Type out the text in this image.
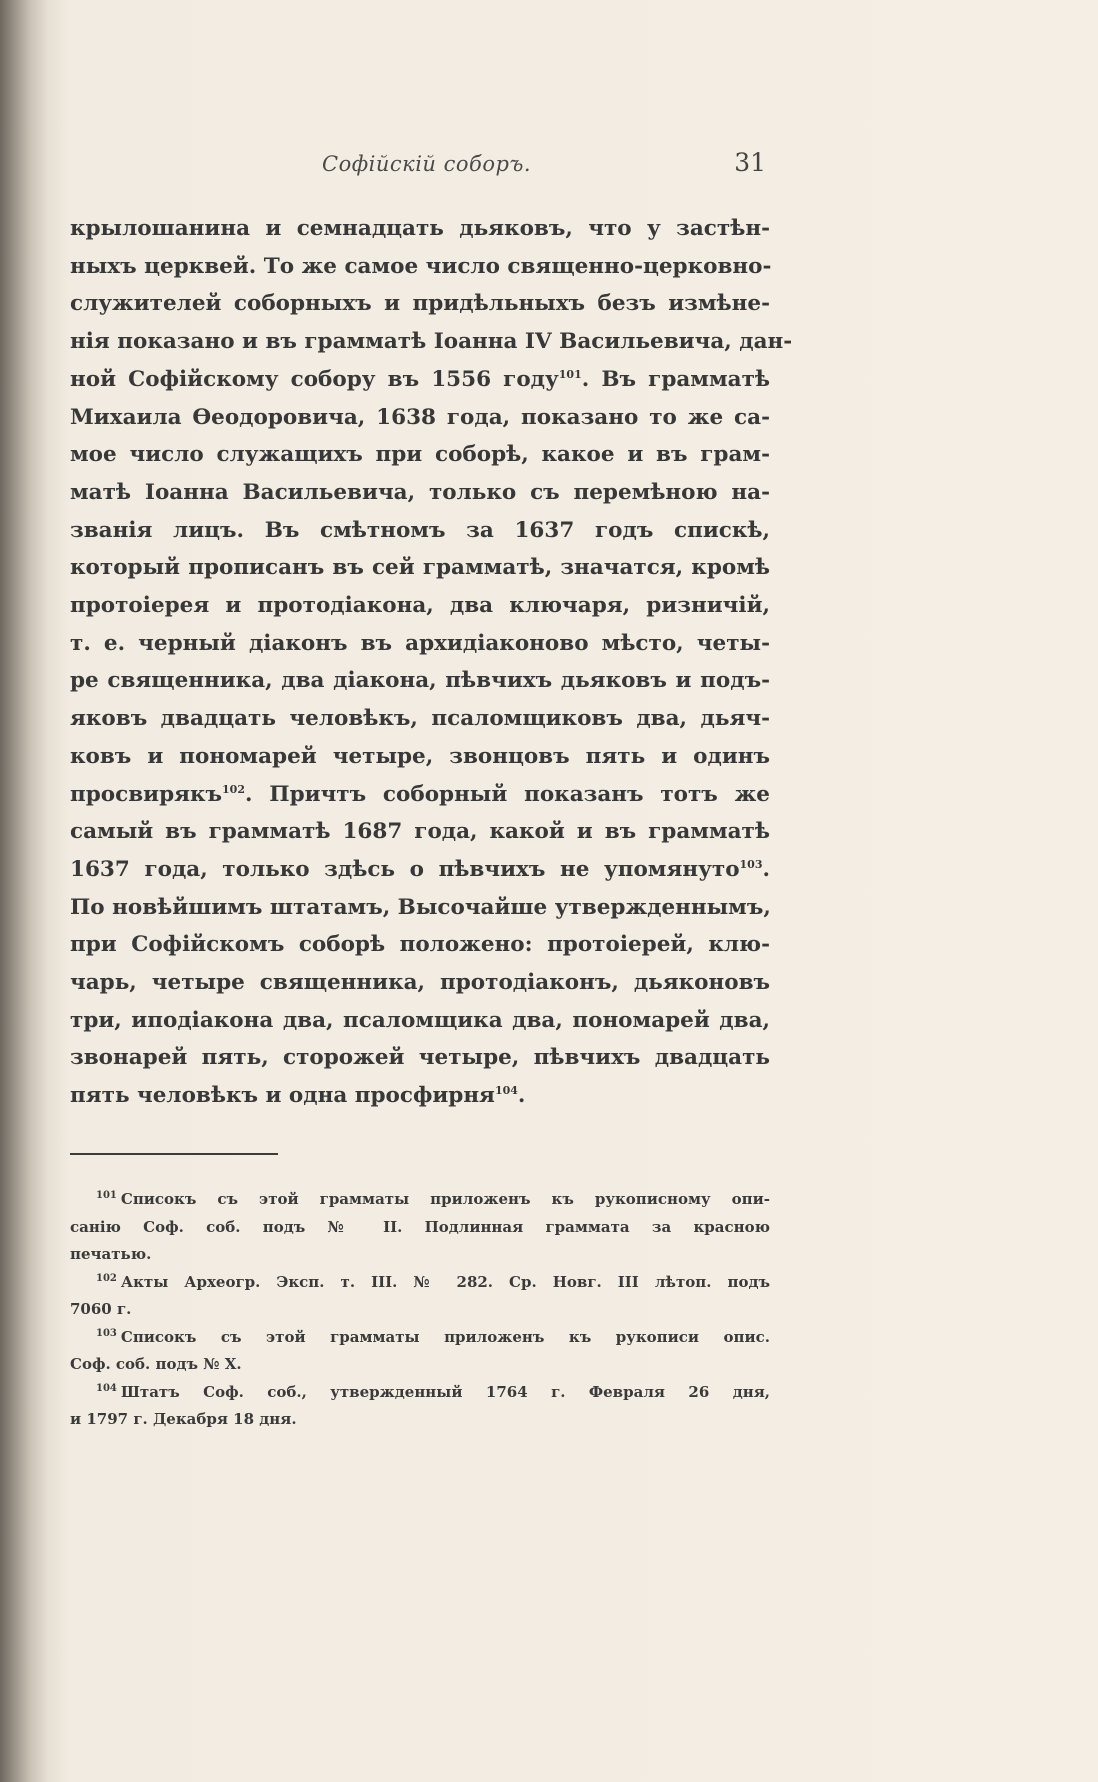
Софійскій соборъ.	31
крылошанина и семнадцать дьяковъ, что у застѣн-
ныхъ церквей. То же самое число священно-церковно-
служителей соборныхъ и придѣльныхъ безъ измѣне-
нія показано и въ грамматѣ Іоанна IV Васильевича, дан-
ной Софійскому собору въ 1556 году$^{101}$. Въ грамматѣ
Михаила Ѳеодоровича, 1638 года, показано то же са-
мое число служащихъ при соборѣ, какое и въ грам-
матѣ Іоанна Васильевича, только съ перемѣною на-
званія лицъ. Въ смѣтномъ за 1637 годъ спискѣ,
который прописанъ въ сей грамматѣ, значатся, кромѣ
протоіерея и протодіакона, два ключаря, ризничій,
т. е. черный діаконъ въ архидіаконово мѣсто, четы-
ре священника, два діакона, пѣвчихъ дьяковъ и подъ-
яковъ двадцать человѣкъ, псаломщиковъ два, дьяч-
ковъ и пономарей четыре, звонцовъ пять и одинъ
просвирякъ$^{102}$. Причтъ соборный показанъ тотъ же
самый въ грамматѣ 1687 года, какой и въ грамматѣ
1637 года, только здѣсь о пѣвчихъ не упомянуто$^{103}$.
По новѣйшимъ штатамъ, Высочайше утвержденнымъ,
при Софійскомъ соборѣ положено: протоіерей, клю-
чарь, четыре священника, протодіаконъ, дьяконовъ
три, иподіакона два, псаломщика два, пономарей два,
звонарей пять, сторожей четыре, пѣвчихъ двадцать
пять человѣкъ и одна просфирня$^{104}$.
$^{101}$ Списокъ съ этой грамматы приложенъ къ рукописному опи-
санію Соф. соб. подъ № II. Подлинная граммата за красною
печатью.
$^{102}$ Акты Археогр. Эксп. т. III. № 282. Ср. Новг. III лѣтоп. подъ
7060 г.
$^{103}$ Списокъ съ этой грамматы приложенъ къ рукописи опис.
Соф. соб. подъ № X.
$^{104}$ Штатъ Соф. соб., утвержденный 1764 г. Февраля 26 дня,
и 1797 г. Декабря 18 дня.
